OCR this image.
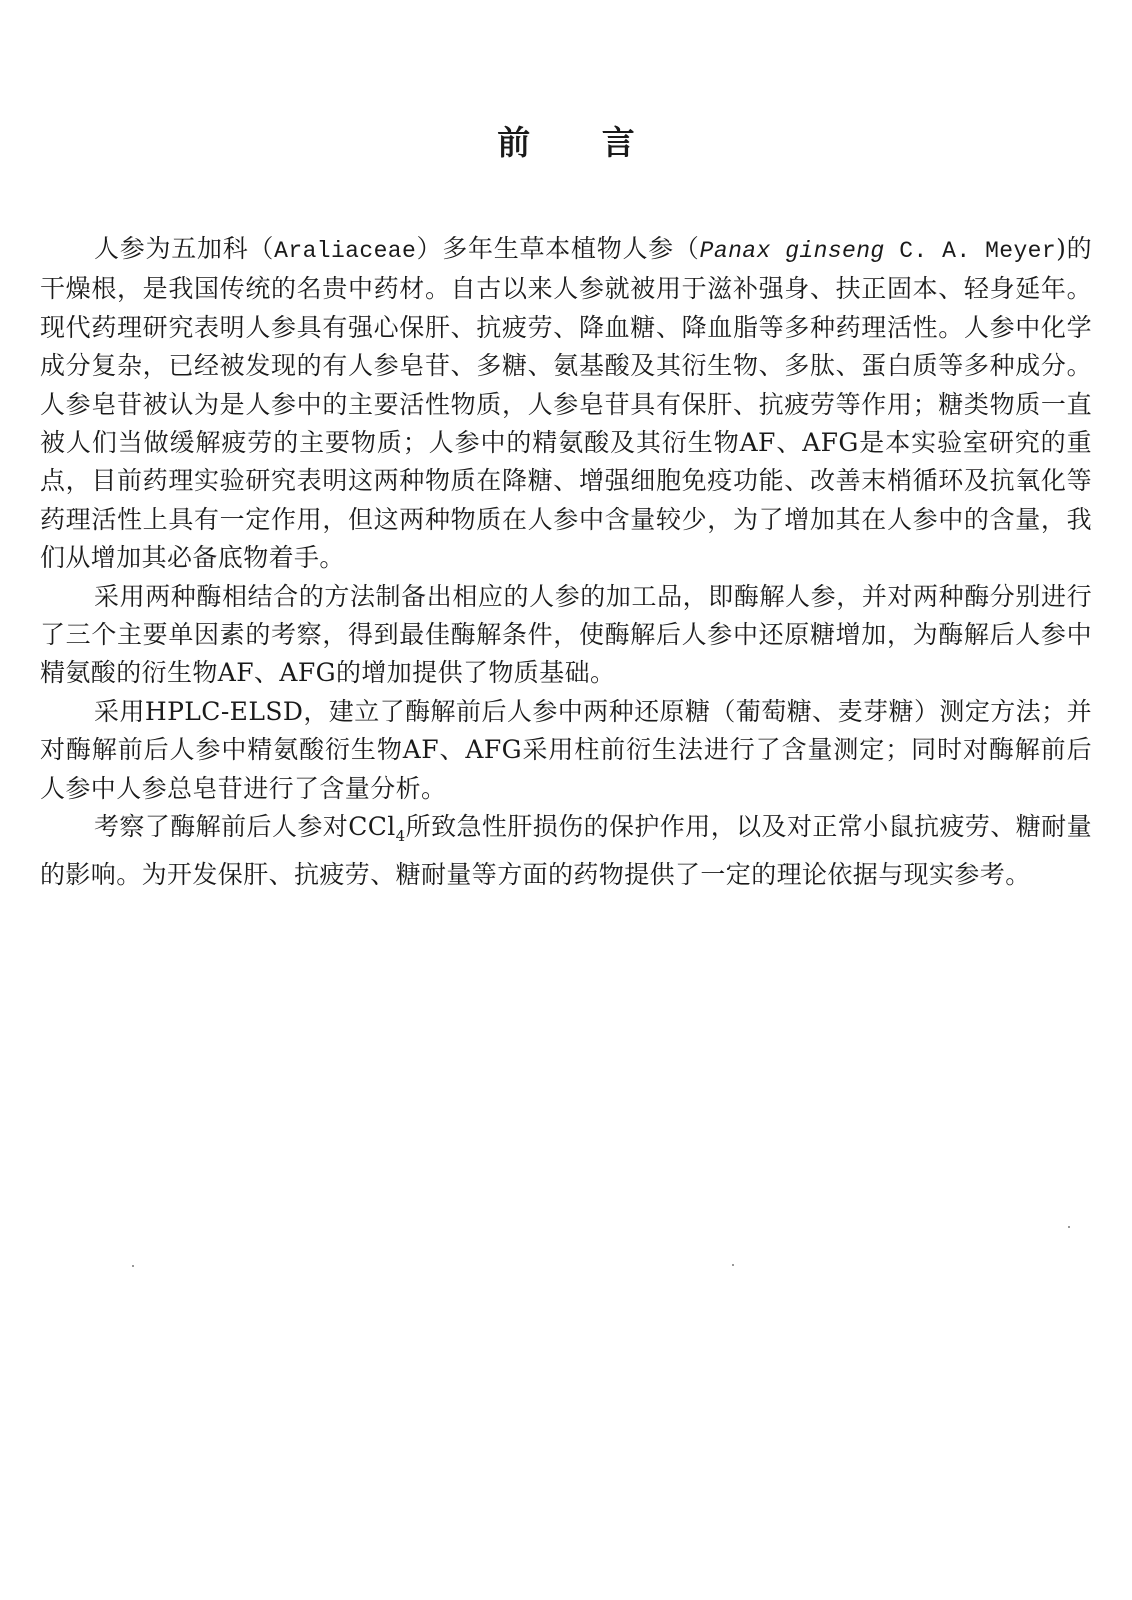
前 言

人参为五加科（Araliaceae）多年生草本植物人参（Panax ginseng C. A. Meyer)的干燥根，是我国传统的名贵中药材。自古以来人参就被用于滋补强身、扶正固本、轻身延年。现代药理研究表明人参具有强心保肝、抗疲劳、降血糖、降血脂等多种药理活性。人参中化学成分复杂，已经被发现的有人参皂苷、多糖、氨基酸及其衍生物、多肽、蛋白质等多种成分。人参皂苷被认为是人参中的主要活性物质，人参皂苷具有保肝、抗疲劳等作用；糖类物质一直被人们当做缓解疲劳的主要物质；人参中的精氨酸及其衍生物AF、AFG是本实验室研究的重点，目前药理实验研究表明这两种物质在降糖、增强细胞免疫功能、改善末梢循环及抗氧化等药理活性上具有一定作用，但这两种物质在人参中含量较少，为了增加其在人参中的含量，我们从增加其必备底物着手。

采用两种酶相结合的方法制备出相应的人参的加工品，即酶解人参，并对两种酶分别进行了三个主要单因素的考察，得到最佳酶解条件，使酶解后人参中还原糖增加，为酶解后人参中精氨酸的衍生物AF、AFG的增加提供了物质基础。

采用HPLC-ELSD，建立了酶解前后人参中两种还原糖（葡萄糖、麦芽糖）测定方法；并对酶解前后人参中精氨酸衍生物AF、AFG采用柱前衍生法进行了含量测定；同时对酶解前后人参中人参总皂苷进行了含量分析。

考察了酶解前后人参对CCl$_4$所致急性肝损伤的保护作用，以及对正常小鼠抗疲劳、糖耐量的影响。为开发保肝、抗疲劳、糖耐量等方面的药物提供了一定的理论依据与现实参考。
